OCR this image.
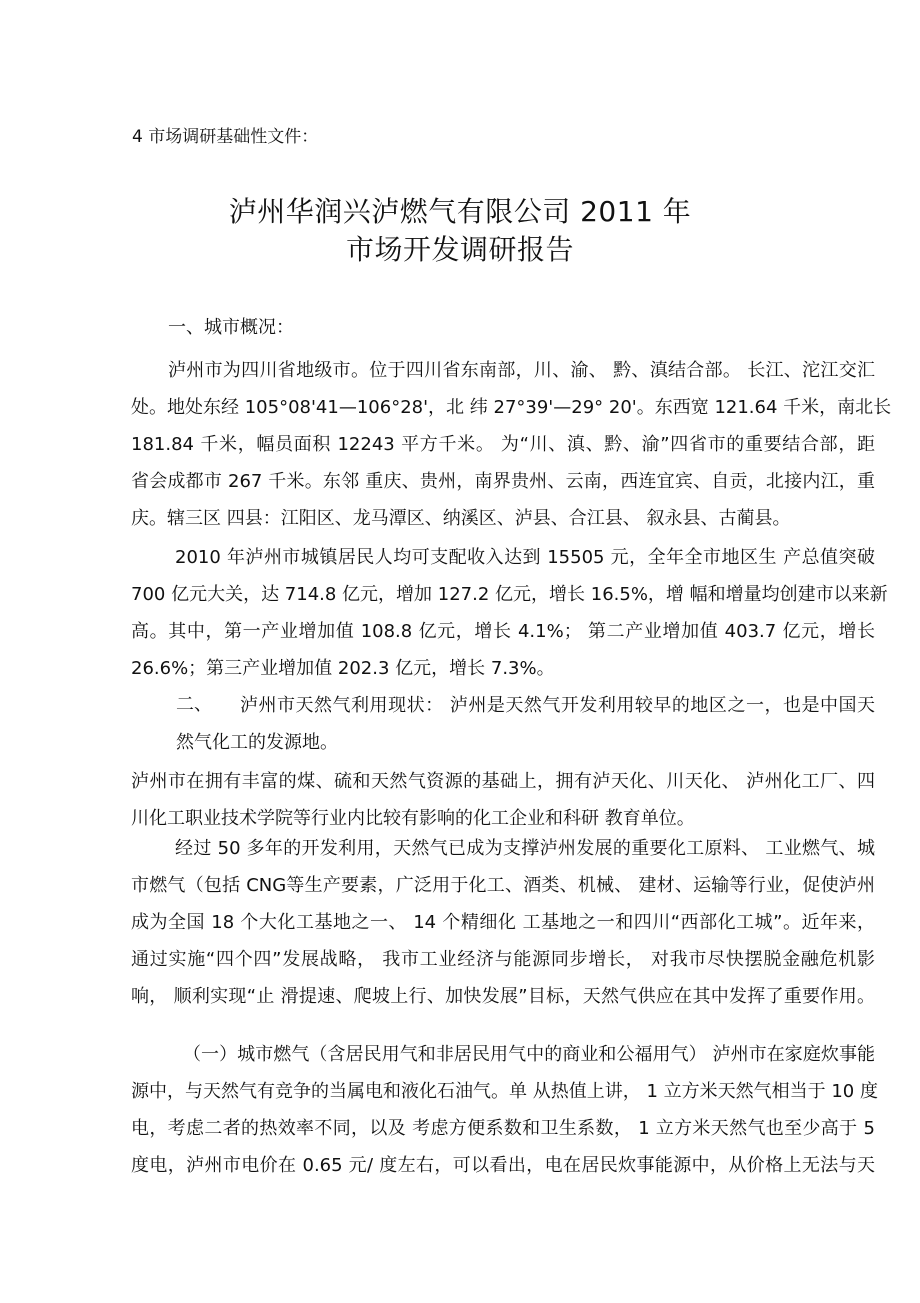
4 市场调研基础性文件：
泸州华润兴泸燃气有限公司 2011 年
市场开发调研报告
一、城市概况：
泸州市为四川省地级市。位于四川省东南部，川、渝、 黔、滇结合部。 长江、沱江交汇
处。地处东经 105°08'41—106°28'，北 纬 27°39'—29° 20'。东西宽 121.64 千米，南北长
181.84 千米，幅员面积 12243 平方千米。 为“川、滇、黔、渝”四省市的重要结合部，距
省会成都市 267 千米。东邻 重庆、贵州，南界贵州、云南，西连宜宾、自贡，北接内江，重
庆。辖三区 四县：江阳区、龙马潭区、纳溪区、泸县、合江县、 叙永县、古蔺县。
2010 年泸州市城镇居民人均可支配收入达到 15505 元，全年全市地区生 产总值突破
700 亿元大关，达 714.8 亿元，增加 127.2 亿元，增长 16.5%，增 幅和增量均创建市以来新
高。其中，第一产业增加值 108.8 亿元，增长 4.1%； 第二产业增加值 403.7 亿元，增长
26.6%；第三产业增加值 202.3 亿元，增长 7.3%。
二、 泸州市天然气利用现状： 泸州是天然气开发利用较早的地区之一，也是中国天
然气化工的发源地。
泸州市在拥有丰富的煤、硫和天然气资源的基础上，拥有泸天化、川天化、 泸州化工厂、四
川化工职业技术学院等行业内比较有影响的化工企业和科研 教育单位。
经过 50 多年的开发利用，天然气已成为支撑泸州发展的重要化工原料、 工业燃气、城
市燃气（包括 CNG等生产要素，广泛用于化工、酒类、机械、 建材、运输等行业，促使泸州
成为全国 18 个大化工基地之一、 14 个精细化 工基地之一和四川“西部化工城”。近年来，
通过实施“四个四”发展战略， 我市工业经济与能源同步增长， 对我市尽快摆脱金融危机影
响， 顺利实现“止 滑提速、爬坡上行、加快发展”目标，天然气供应在其中发挥了重要作用。
（一）城市燃气（含居民用气和非居民用气中的商业和公福用气） 泸州市在家庭炊事能
源中，与天然气有竞争的当属电和液化石油气。单 从热值上讲， 1 立方米天然气相当于 10 度
电，考虑二者的热效率不同，以及 考虑方便系数和卫生系数， 1 立方米天然气也至少高于 5
度电，泸州市电价在 0.65 元/ 度左右，可以看出，电在居民炊事能源中，从价格上无法与天
